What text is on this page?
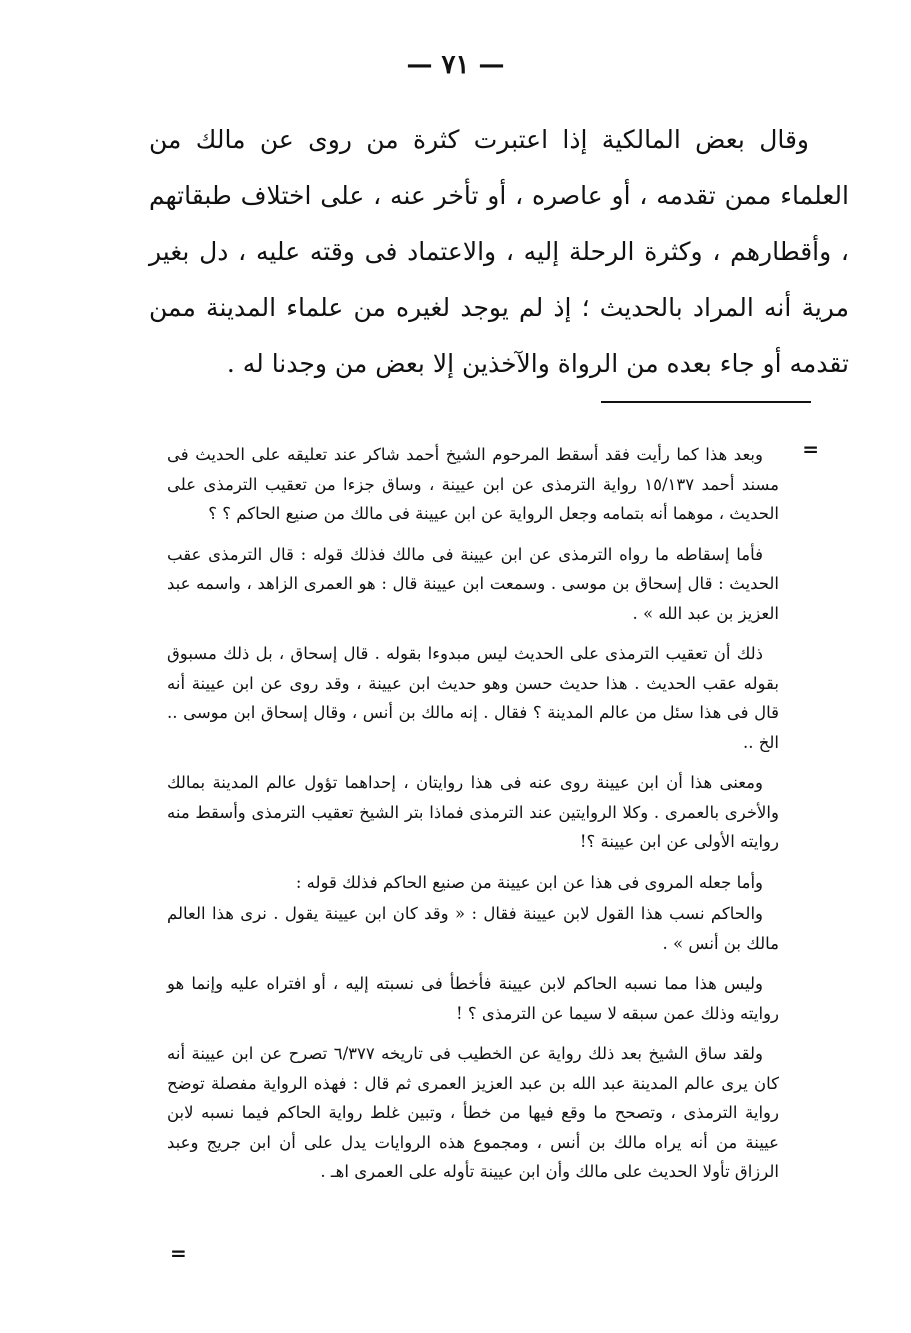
— ٧١ —

وقال بعض المالكية إذا اعتبرت كثرة من روى عن مالك من العلماء ممن تقدمه ، أو عاصره ، أو تأخر عنه ، على اختلاف طبقاتهم ، وأقطارهم ، وكثرة الرحلة إليه ، والاعتماد فى وقته عليه ، دل بغير مرية أنه المراد بالحديث ؛ إذ لم يوجد لغيره من علماء المدينة ممن تقدمه أو جاء بعده من الرواة والآخذين إلا بعض من وجدنا له .

=

وبعد هذا كما رأيت فقد أسقط المرحوم الشيخ أحمد شاكر عند تعليقه على الحديث فى مسند أحمد ١٥/١٣٧ رواية الترمذى عن ابن عيينة ، وساق جزءا من تعقيب الترمذى على الحديث ، موهما أنه بتمامه وجعل الرواية عن ابن عيينة فى مالك من صنيع الحاكم ؟ ؟

فأما إسقاطه ما رواه الترمذى عن ابن عيينة فى مالك فذلك قوله : قال الترمذى عقب الحديث : قال إسحاق بن موسى . وسمعت ابن عيينة قال : هو العمرى الزاهد ، واسمه عبد العزيز بن عبد الله » .

ذلك أن تعقيب الترمذى على الحديث ليس مبدوءا بقوله . قال إسحاق ، بل ذلك مسبوق بقوله عقب الحديث . هذا حديث حسن وهو حديث ابن عيينة ، وقد روى عن ابن عيينة أنه قال فى هذا سئل من عالم المدينة ؟ فقال . إنه مالك بن أنس ، وقال إسحاق ابن موسى .. الخ ..

ومعنى هذا أن ابن عيينة روى عنه فى هذا روايتان ، إحداهما تؤول عالم المدينة بمالك والأخرى بالعمرى . وكلا الروايتين عند الترمذى فماذا بتر الشيخ تعقيب الترمذى وأسقط منه روايته الأولى عن ابن عيينة ؟!

وأما جعله المروى فى هذا عن ابن عيينة من صنيع الحاكم فذلك قوله :

والحاكم نسب هذا القول لابن عيينة فقال : « وقد كان ابن عيينة يقول . نرى هذا العالم مالك بن أنس » .

وليس هذا مما نسبه الحاكم لابن عيينة فأخطأ فى نسبته إليه ، أو افتراه عليه وإنما هو روايته وذلك عمن سبقه لا سيما عن الترمذى ؟ !

ولقد ساق الشيخ بعد ذلك رواية عن الخطيب فى تاريخه ٦/٣٧٧ تصرح عن ابن عيينة أنه كان يرى عالم المدينة عبد الله بن عبد العزيز العمرى ثم قال : فهذه الرواية مفصلة توضح رواية الترمذى ، وتصحح ما وقع فيها من خطأ ، وتبين غلط رواية الحاكم فيما نسبه لابن عيينة من أنه يراه مالك بن أنس ، ومجموع هذه الروايات يدل على أن ابن جريج وعبد الرزاق تأولا الحديث على مالك وأن ابن عيينة تأوله على العمرى اهـ .

=
